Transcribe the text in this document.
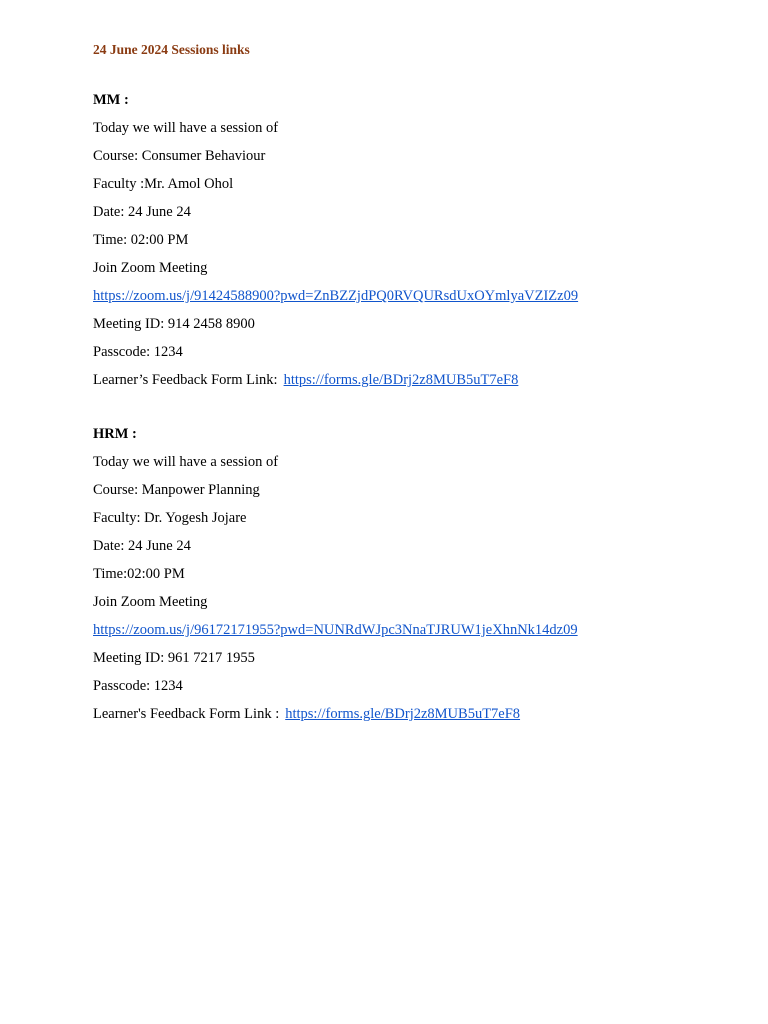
24 June 2024 Sessions links
MM :
Today we will have a session of
Course: Consumer Behaviour
Faculty :Mr. Amol Ohol
Date: 24 June 24
Time: 02:00 PM
Join Zoom Meeting
https://zoom.us/j/91424588900?pwd=ZnBZZjdPQ0RVQURsdUxOYmlyaVZIZz09
Meeting ID: 914 2458 8900
Passcode: 1234
Learner’s Feedback Form Link: https://forms.gle/BDrj2z8MUB5uT7eF8
HRM :
Today we will have a session of
Course: Manpower Planning
Faculty: Dr. Yogesh Jojare
Date: 24 June 24
Time:02:00 PM
Join Zoom Meeting
https://zoom.us/j/96172171955?pwd=NUNRdWJpc3NnaTJRUW1jeXhnNk14dz09
Meeting ID: 961 7217 1955
Passcode: 1234
Learner's Feedback Form Link : https://forms.gle/BDrj2z8MUB5uT7eF8
